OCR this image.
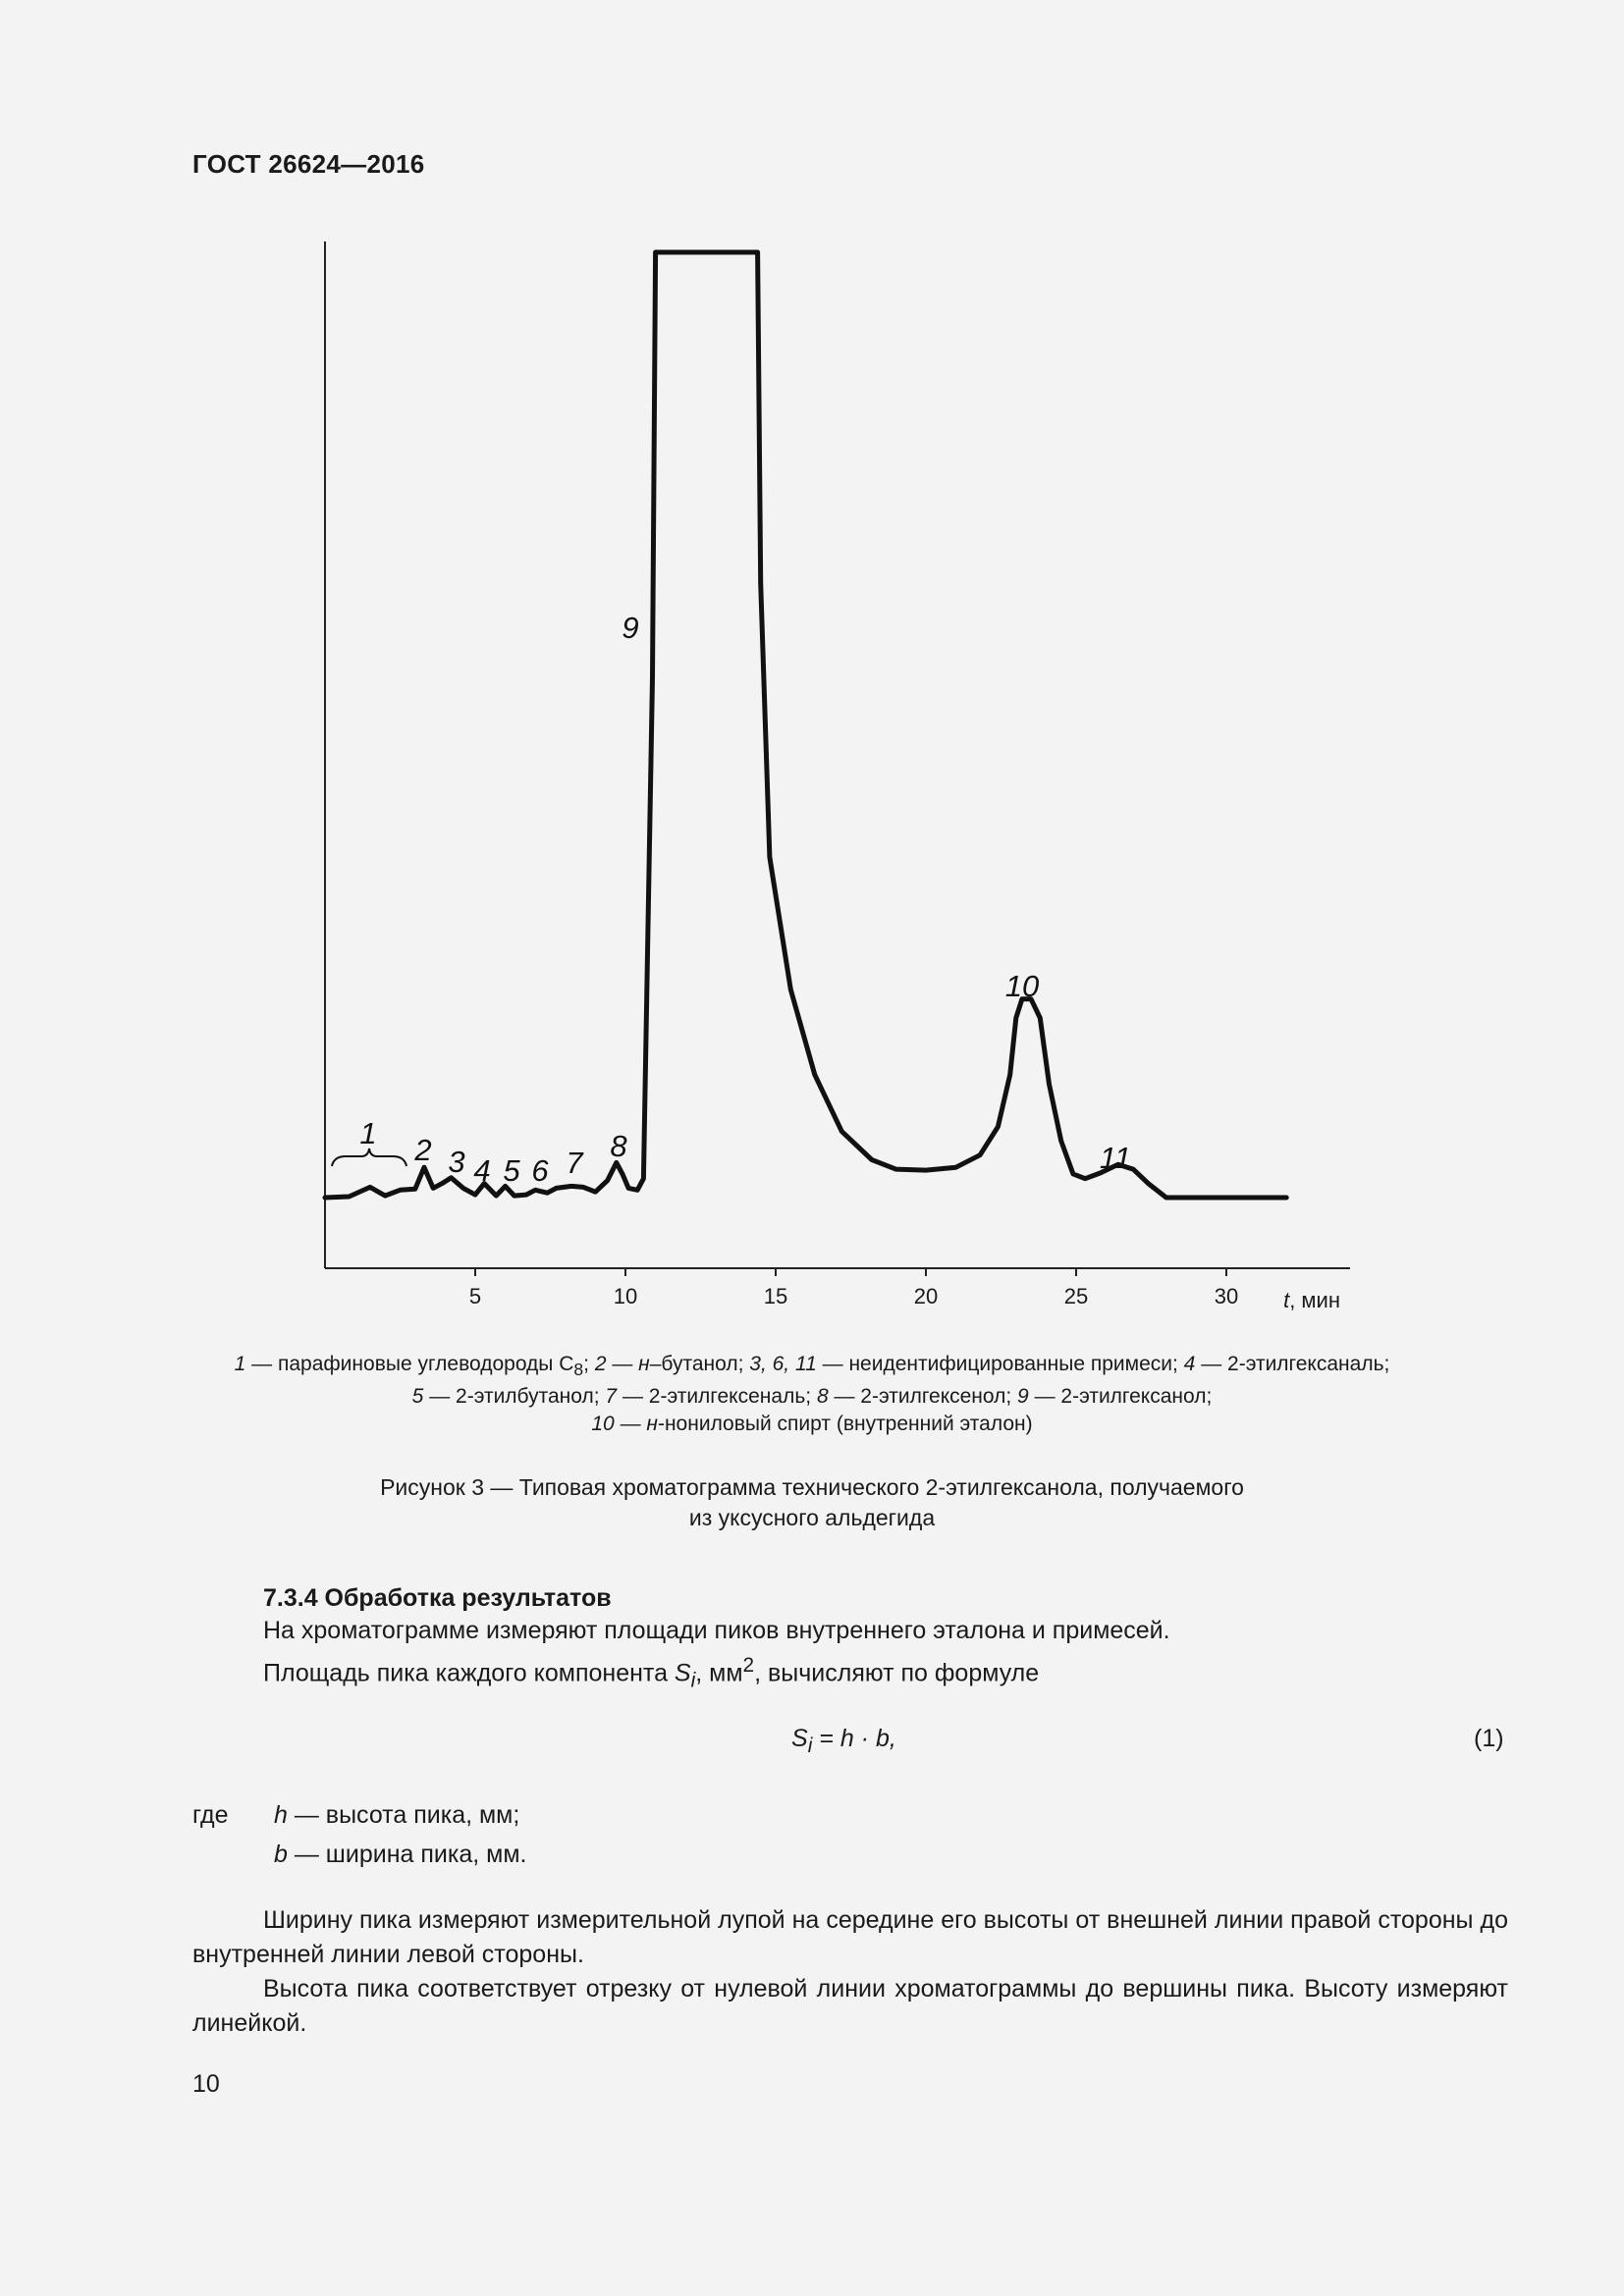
ГОСТ 26624—2016
5	10	15	20	25	30 t, мин
1 2 3 4 5 6 7 8
9
10
11
1 — парафиновые углеводороды $С_8$; 2 — н–бутанол; 3, 6, 11 — неидентифицированные примеси; 4 — 2-этилгексаналь;
5 — 2-этилбутанол; 7 — 2-этилгексеналь; 8 — 2-этилгексенол; 9 — 2-этилгексанол;
10 — н-нониловый спирт (внутренний эталон)
Рисунок 3 — Типовая хроматограмма технического 2-этилгексанола, получаемого
из уксусного альдегида
7.3.4 Обработка результатов
На хроматограмме измеряют площади пиков внутреннего эталона и примесей.
Площадь пика каждого компонента $S_i$, $мм^2$, вычисляют по формуле
$S_i = h \cdot b$,	(1)
где h — высота пика, мм;
b — ширина пика, мм.
Ширину пика измеряют измерительной лупой на середине его высоты от внешней линии правой стороны до внутренней линии левой стороны.
Высота пика соответствует отрезку от нулевой линии хроматограммы до вершины пика. Высоту измеряют линейкой.
10
